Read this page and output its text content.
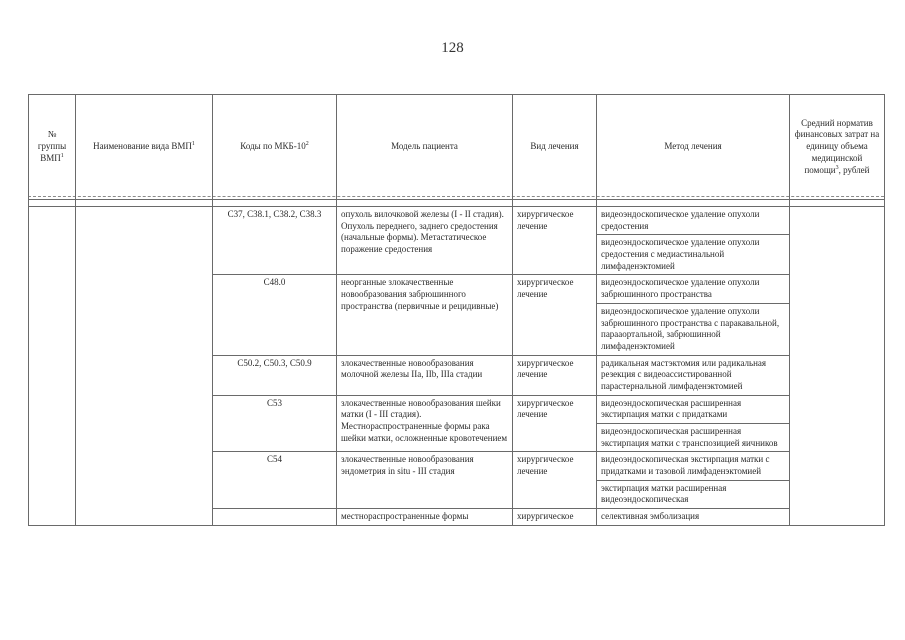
128
№ группы ВМП$^1$	Наименование вида ВМП$^1$	Коды по МКБ-$10^2$	Модель пациента	Вид лечения	Метод лечения	Средний норматив финансовых затрат на единицу объема медицинской помощи$^3$, рублей

		C37, C38.1, C38.2, C38.3	опухоль вилочковой железы (I - II стадия). Опухоль переднего, заднего средостения (начальные формы). Метастатическое поражение средостения	хирургическое лечение	видеоэндоскопическое удаление опухоли средостения	
					видеоэндоскопическое удаление опухоли средостения с медиастинальной лимфаденэктомией	
		C48.0	неорганные злокачественные новообразования забрюшинного пространства (первичные и рецидивные)	хирургическое лечение	видеоэндоскопическое удаление опухоли забрюшинного пространства	
					видеоэндоскопическое удаление опухоли забрюшинного пространства с паракавальной, парааортальной, забрюшинной лимфаденэктомией	
		C50.2, C50.3, C50.9	злокачественные новообразования молочной железы IIa, IIb, IIIa стадии	хирургическое лечение	радикальная мастэктомия или радикальная резекция с видеоассистированной парастернальной лимфаденэктомией	
		C53	злокачественные новообразования шейки матки (I - III стадия). Местнораспространенные формы рака шейки матки, осложненные кровотечением	хирургическое лечение	видеоэндоскопическая расширенная экстирпация матки с придатками	
					видеоэндоскопическая расширенная экстирпация матки с транспозицией яичников	
		C54	злокачественные новообразования эндометрия in situ - III стадия	хирургическое лечение	видеоэндоскопическая экстирпация матки с придатками и тазовой лимфаденэктомией	
					экстирпация матки расширенная видеоэндоскопическая	
			местнораспространенные формы	хирургическое	селективная эмболизация	
